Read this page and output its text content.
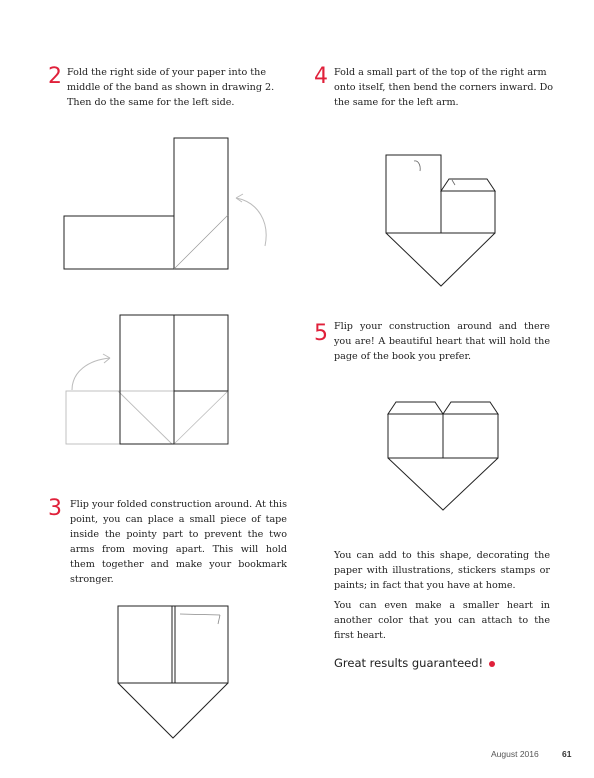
2 Fold the right side of your paper into the middle of the band as shown in drawing 2. Then do the same for the left side.
3 Flip your folded construction around. At this point, you can place a small piece of tape inside the pointy part to prevent the two arms from moving apart. This will hold them together and make your bookmark stronger.
4 Fold a small part of the top of the right arm onto itself, then bend the corners inward. Do the same for the left arm.
5 Flip your construction around and there you are! A beautiful heart that will hold the page of the book you prefer.
You can add to this shape, decorating the paper with illustrations, stickers stamps or paints; in fact that you have at home.
You can even make a smaller heart in another color that you can attach to the first heart.
Great results guaranteed!
August 2016	61
